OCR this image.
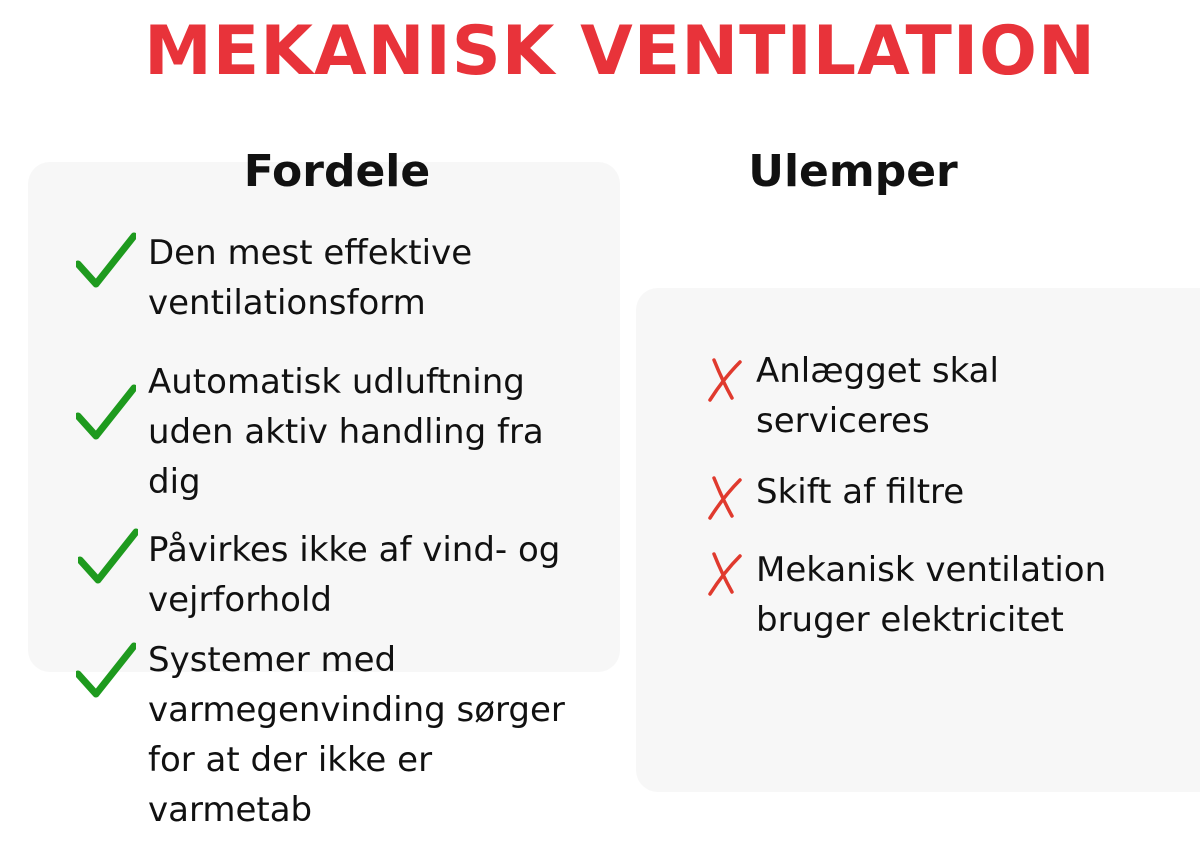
MEKANISK VENTILATION
Fordele	Ulemper
Den mest effektive ventilationsform
Automatisk udluftning uden aktiv handling fra dig
Påvirkes ikke af vind- og vejrforhold
Systemer med varmegenvinding sørger for at der ikke er varmetab
Anlægget skal serviceres
Skift af filtre
Mekanisk ventilation bruger elektricitet
